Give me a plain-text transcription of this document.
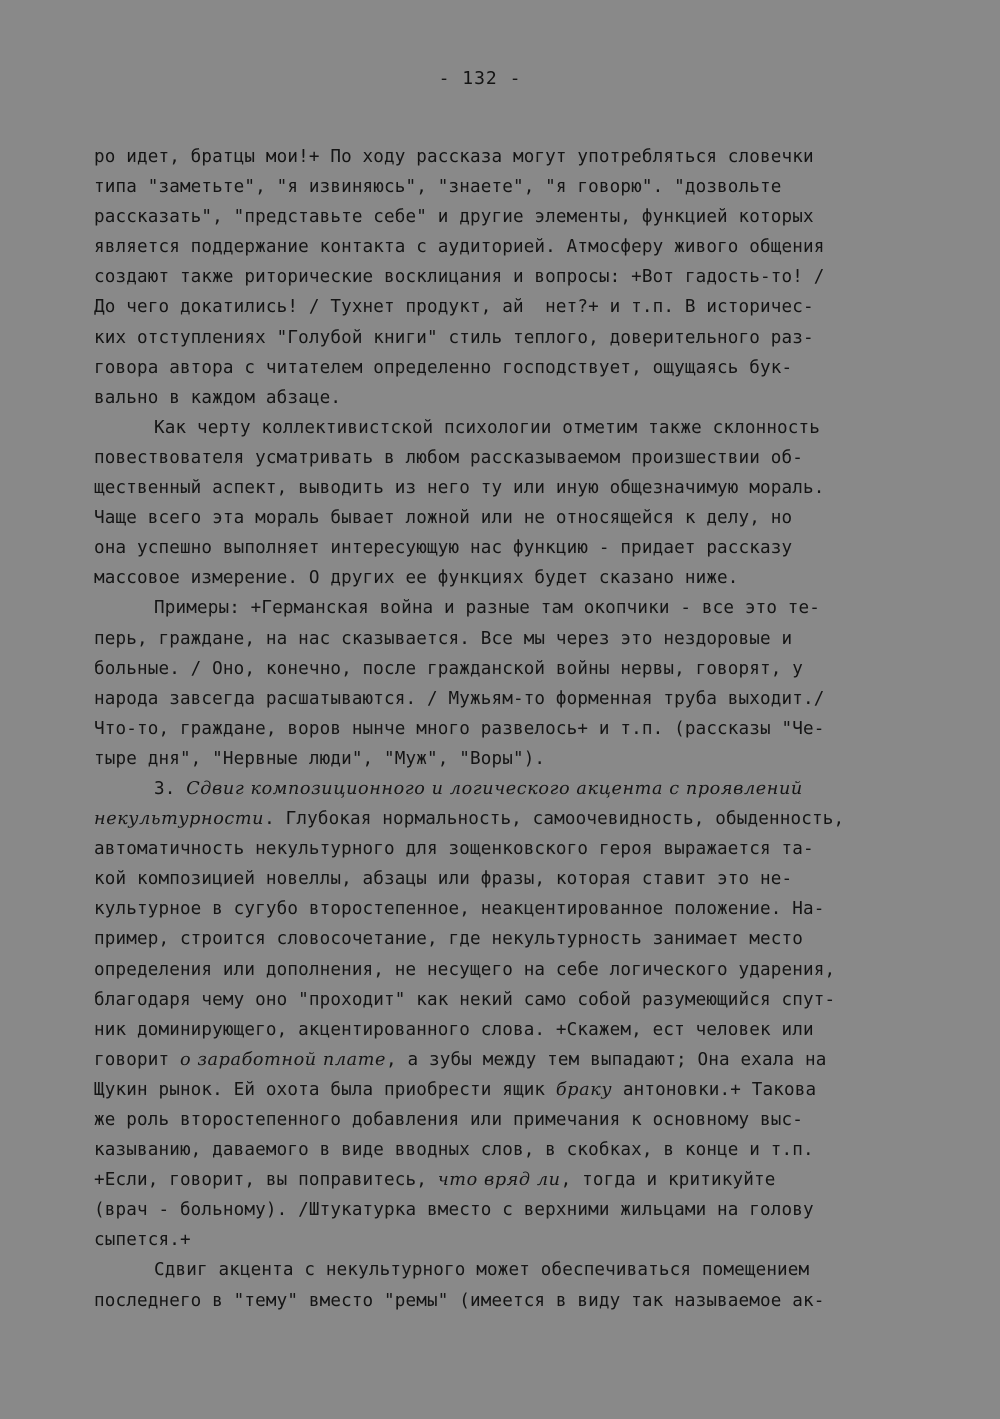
- 132 -
ро идет, братцы мои!+ По ходу рассказа могут употребляться словечки
типа "заметьте", "я извиняюсь", "знаете", "я говорю". "дозвольте
рассказать", "представьте себе" и другие элементы, функцией которых
является поддержание контакта с аудиторией. Атмосферу живого общения
создают также риторические восклицания и вопросы: +Вот гадость-то! /
До чего докатились! / Тухнет продукт, ай  нет?+ и т.п. В историчес-
ких отступлениях "Голубой книги" стиль теплого, доверительного раз-
говора автора с читателем определенно господствует, ощущаясь бук-
вально в каждом абзаце.
Как черту коллективистской психологии отметим также склонность
повествователя усматривать в любом рассказываемом произшествии об-
щественный аспект, выводить из него ту или иную общезначимую мораль.
Чаще всего эта мораль бывает ложной или не относящейся к делу, но
она успешно выполняет интересующую нас функцию - придает рассказу
массовое измерение. О других ее функциях будет сказано ниже.
Примеры: +Германская война и разные там окопчики - все это те-
перь, граждане, на нас сказывается. Все мы через это нездоровые и
больные. / Оно, конечно, после гражданской войны нервы, говорят, у
народа завсегда расшатываются. / Мужьям-то форменная труба выходит./
Что-то, граждане, воров нынче много развелось+ и т.п. (рассказы "Че-
тыре дня", "Нервные люди", "Муж", "Воры").
3. Сдвиг композиционного и логического акцента с проявлений
некультурности. Глубокая нормальность, самоочевидность, обыденность,
автоматичность некультурного для зощенковского героя выражается та-
кой композицией новеллы, абзацы или фразы, которая ставит это не-
культурное в сугубо второстепенное, неакцентированное положение. На-
пример, строится словосочетание, где некультурность занимает место
определения или дополнения, не несущего на себе логического ударения,
благодаря чему оно "проходит" как некий само собой разумеющийся спут-
ник доминирующего, акцентированного слова. +Скажем, ест человек или
говорит о заработной плате, а зубы между тем выпадают; Она ехала на
Щукин рынок. Ей охота была приобрести ящик браку антоновки.+ Такова
же роль второстепенного добавления или примечания к основному выс-
казыванию, даваемого в виде вводных слов, в скобках, в конце и т.п.
+Если, говорит, вы поправитесь, что вряд ли, тогда и критикуйте
(врач - больному). /Штукатурка вместо с верхними жильцами на голову
сыпется.+
Сдвиг акцента с некультурного может обеспечиваться помещением
последнего в "тему" вместо "ремы" (имеется в виду так называемое ак-
